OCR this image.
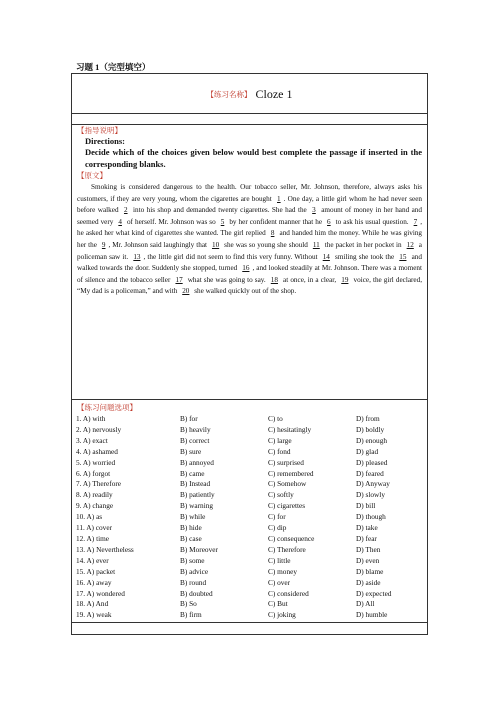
习题 1（完型填空）
【练习名称】 Cloze 1
【指导说明】
Directions:
Decide which of the choices given below would best complete the passage if inserted in the corresponding blanks.
【原文】
Smoking is considered dangerous to the health. Our tobacco seller, Mr. Johnson, therefore, always asks his customers, if they are very young, whom the cigarettes are bought 1 . One day, a little girl whom he had never seen before walked 2 into his shop and demanded twenty cigarettes. She had the 3 amount of money in her hand and seemed very 4 of herself. Mr. Johnson was so 5 by her confident manner that he 6 to ask his usual question. 7 , he asked her what kind of cigarettes she wanted. The girl replied 8 and handed him the money. While he was giving her the 9 , Mr. Johnson said laughingly that 10 she was so young she should 11 the packet in her pocket in 12 a policeman saw it. 13 , the little girl did not seem to find this very funny. Without 14 smiling she took the 15 and walked towards the door. Suddenly she stopped, turned 16 , and looked steadily at Mr. Johnson. There was a moment of silence and the tobacco seller 17 what she was going to say. 18 at once, in a clear, 19 voice, the girl declared, “My dad is a policeman,” and with 20 she walked quickly out of the shop.
【练习问题选项】
1. A) with	B) for	C) to	D) from
2. A) nervously	B) heavily	C) hesitatingly	D) boldly
3. A) exact	B) correct	C) large	D) enough
4. A) ashamed	B) sure	C) fond	D) glad
5. A) worried	B) annoyed	C) surprised	D) pleased
6. A) forgot	B) came	C) remembered	D) feared
7. A) Therefore	B) Instead	C) Somehow	D) Anyway
8. A) readily	B) patiently	C) softly	D) slowly
9. A) change	B) warning	C) cigarettes	D) bill
10. A) as	B) while	C) for	D) though
11. A) cover	B) hide	C) dip	D) take
12. A) time	B) case	C) consequence	D) fear
13. A) Nevertheless	B) Moreover	C) Therefore	D) Then
14. A) ever	B) some	C) little	D) even
15. A) packet	B) advice	C) money	D) blame
16. A) away	B) round	C) over	D) aside
17. A) wondered	B) doubted	C) considered	D) expected
18. A) And	B) So	C) But	D) All
19. A) weak	B) firm	C) joking	D) humble
